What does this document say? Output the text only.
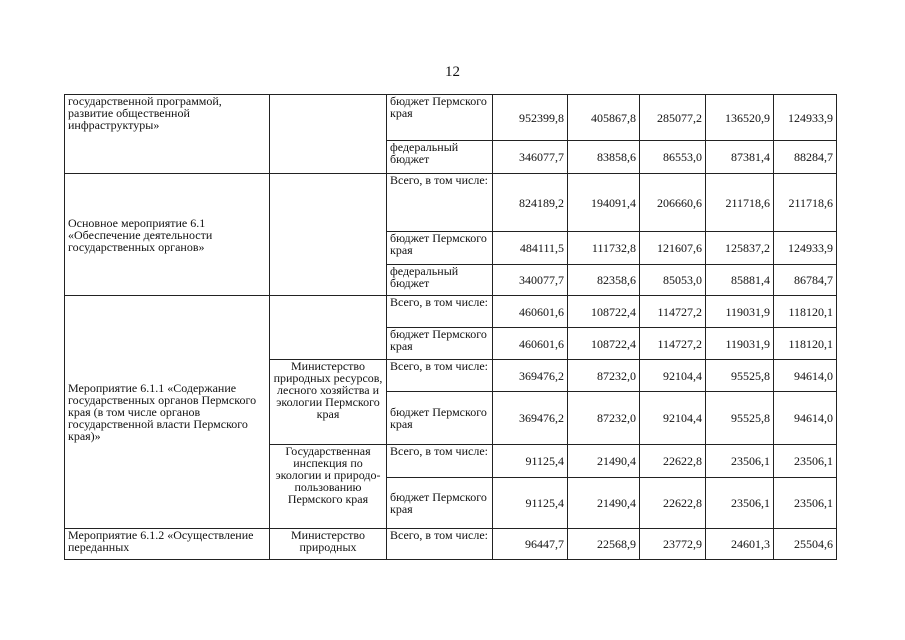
12
государственной программой, развитие общественной инфраструктуры»		бюджет Пермского края	952399,8	405867,8	285077,2	136520,9	124933,9
		федеральный бюджет	346077,7	83858,6	86553,0	87381,4	88284,7
Основное мероприятие 6.1 «Обеспечение деятельности государственных органов»		Всего, в том числе:	824189,2	194091,4	206660,6	211718,6	211718,6
		бюджет Пермского края	484111,5	111732,8	121607,6	125837,2	124933,9
		федеральный бюджет	340077,7	82358,6	85053,0	85881,4	86784,7
Мероприятие 6.1.1 «Содержание государственных органов Пермского края (в том числе органов государственной власти Пермского края)»		Всего, в том числе:	460601,6	108722,4	114727,2	119031,9	118120,1
		бюджет Пермского края	460601,6	108722,4	114727,2	119031,9	118120,1
	Министерство природных ресурсов, лесного хозяйства и экологии Пермского края	Всего, в том числе:	369476,2	87232,0	92104,4	95525,8	94614,0
		бюджет Пермского края	369476,2	87232,0	92104,4	95525,8	94614,0
	Государственная инспекция по экологии и природо-пользованию Пермского края	Всего, в том числе:	91125,4	21490,4	22622,8	23506,1	23506,1
		бюджет Пермского края	91125,4	21490,4	22622,8	23506,1	23506,1
Мероприятие 6.1.2 «Осуществление переданных	Министерство природных	Всего, в том числе:	96447,7	22568,9	23772,9	24601,3	25504,6
